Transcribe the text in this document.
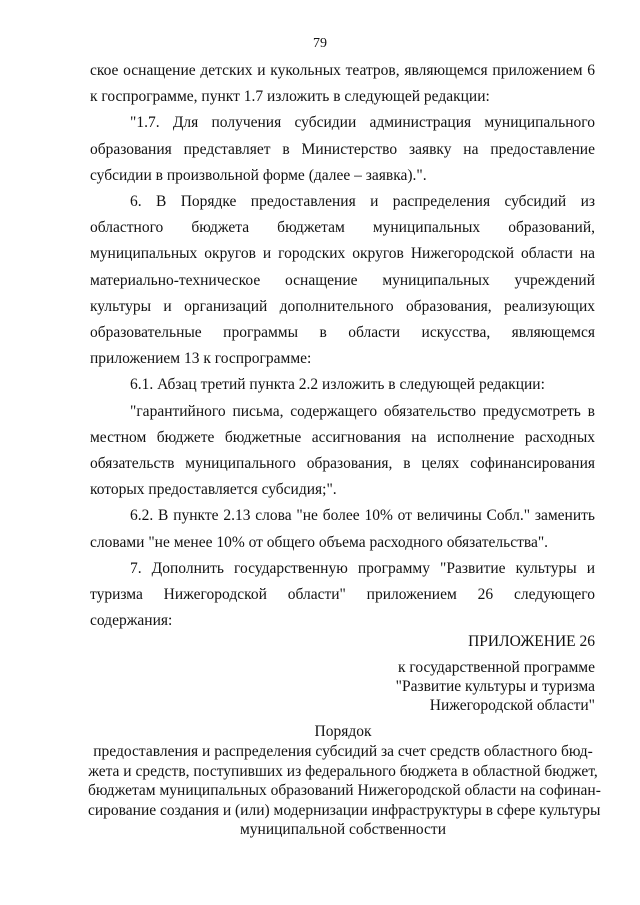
79

ское оснащение детских и кукольных театров, являющемся приложением 6 к госпрограмме, пункт 1.7 изложить в следующей редакции:

"1.7. Для получения субсидии администрация муниципального образования представляет в Министерство заявку на предоставление субсидии в произвольной форме (далее – заявка).".

6. В Порядке предоставления и распределения субсидий из областного бюджета бюджетам муниципальных образований, муниципальных округов и городских округов Нижегородской области на материально-техническое оснащение муниципальных учреждений культуры и организаций дополнительного образования, реализующих образовательные программы в области искусства, являющемся приложением 13 к госпрограмме:

6.1. Абзац третий пункта 2.2 изложить в следующей редакции:

"гарантийного письма, содержащего обязательство предусмотреть в местном бюджете бюджетные ассигнования на исполнение расходных обязательств муниципального образования, в целях софинансирования которых предоставляется субсидия;".

6.2. В пункте 2.13 слова "не более 10% от величины Собл." заменить словами "не менее 10% от общего объема расходного обязательства".

7. Дополнить государственную программу "Развитие культуры и туризма Нижегородской области" приложением 26 следующего содержания:

ПРИЛОЖЕНИЕ 26

к государственной программе

"Развитие культуры и туризма

Нижегородской области"

Порядок

предоставления и распределения субсидий за счет средств областного бюд-

жета и средств, поступивших из федерального бюджета в областной бюджет,

бюджетам муниципальных образований Нижегородской области на софинан-

сирование создания и (или) модернизации инфраструктуры в сфере культуры

муниципальной собственности
